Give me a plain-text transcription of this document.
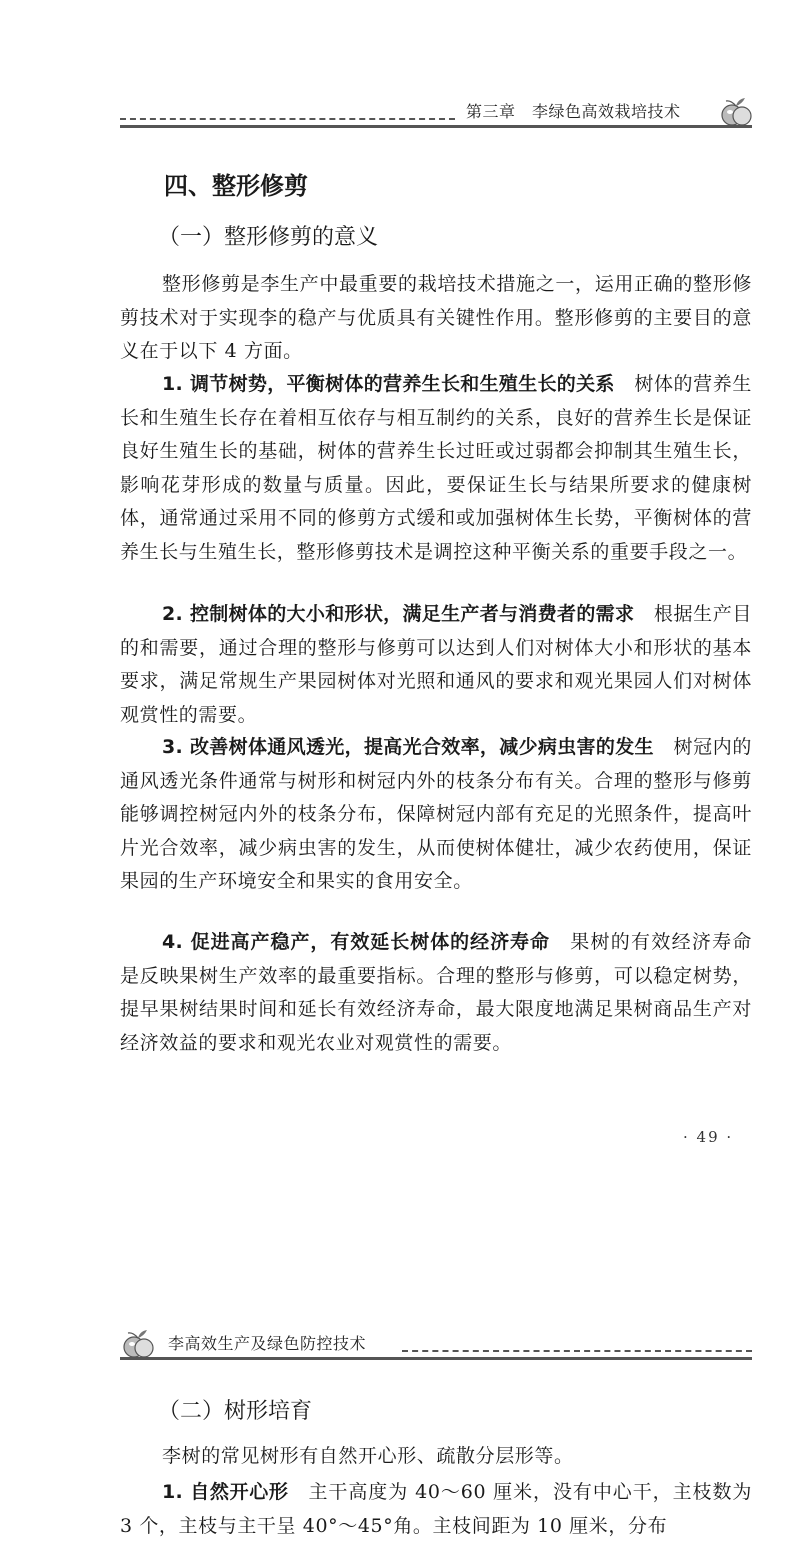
第三章　李绿色高效栽培技术
四、整形修剪
（一）整形修剪的意义

整形修剪是李生产中最重要的栽培技术措施之一，运用正确的整形修剪技术对于实现李的稳产与优质具有关键性作用。整形修剪的主要目的意义在于以下 4 方面。

1. 调节树势，平衡树体的营养生长和生殖生长的关系　 树体的营养生长和生殖生长存在着相互依存与相互制约的关系，良好的营养生长是保证良好生殖生长的基础，树体的营养生长过旺或过弱都会抑制其生殖生长，影响花芽形成的数量与质量。因此，要保证生长与结果所要求的健康树体，通常通过采用不同的修剪方式缓和或加强树体生长势，平衡树体的营养生长与生殖生长，整形修剪技术是调控这种平衡关系的重要手段之一。

2. 控制树体的大小和形状，满足生产者与消费者的需求　 根据生产目的和需要，通过合理的整形与修剪可以达到人们对树体大小和形状的基本要求，满足常规生产果园树体对光照和通风的要求和观光果园人们对树体观赏性的需要。

3. 改善树体通风透光，提高光合效率，减少病虫害的发生　 树冠内的通风透光条件通常与树形和树冠内外的枝条分布有关。合理的整形与修剪能够调控树冠内外的枝条分布，保障树冠内部有充足的光照条件，提高叶片光合效率，减少病虫害的发生，从而使树体健壮，减少农药使用，保证果园的生产环境安全和果实的食用安全。

4. 促进高产稳产，有效延长树体的经济寿命　 果树的有效经济寿命是反映果树生产效率的最重要指标。合理的整形与修剪，可以稳定树势，提早果树结果时间和延长有效经济寿命，最大限度地满足果树商品生产对经济效益的要求和观光农业对观赏性的需要。

· 49 ·
李高效生产及绿色防控技术
（二）树形培育

李树的常见树形有自然开心形、疏散分层形等。

1. 自然开心形　 主干高度为 40～60 厘米，没有中心干，主枝数为 3 个，主枝与主干呈 40°～45°角。主枝间距为 10 厘米，分布
